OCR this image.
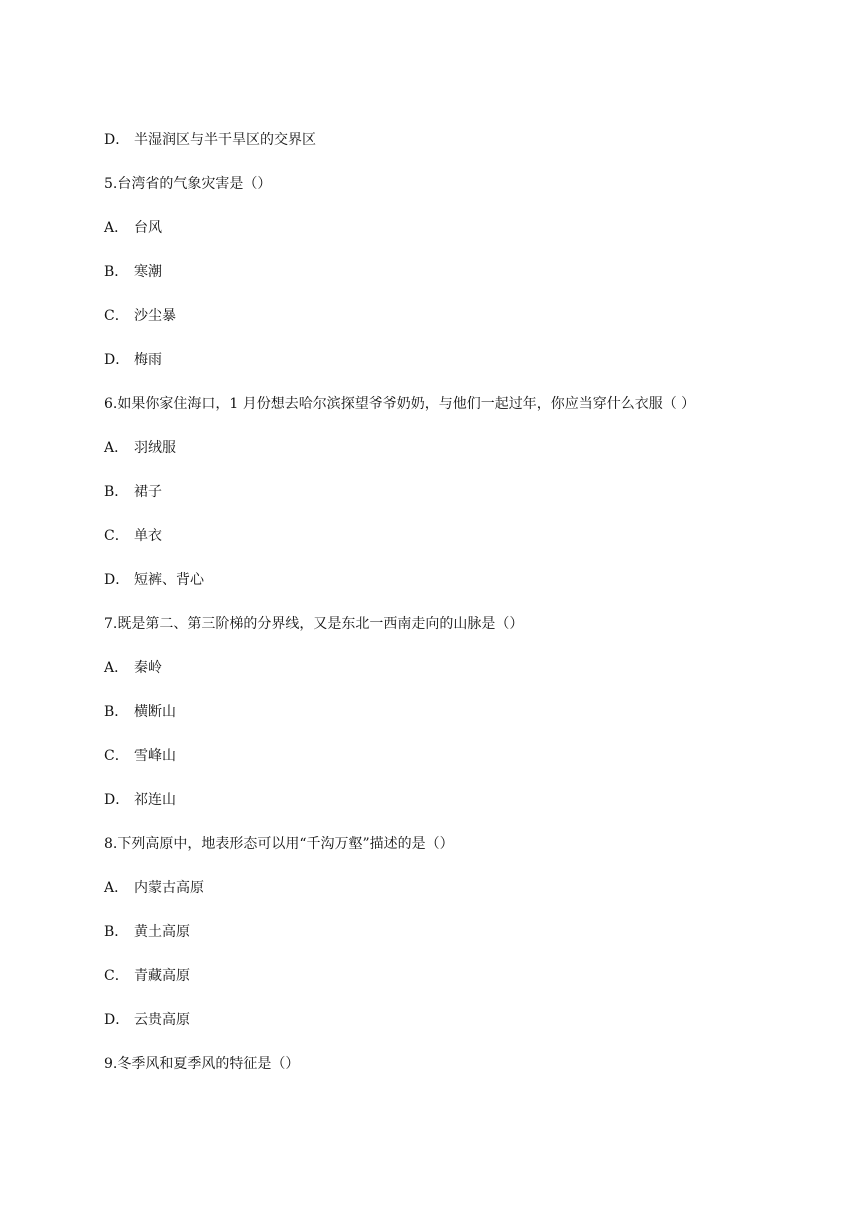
D． 半湿润区与半干旱区的交界区
5.台湾省的气象灾害是（）
A． 台风
B． 寒潮
C． 沙尘暴
D． 梅雨
6.如果你家住海口，1 月份想去哈尔滨探望爷爷奶奶，与他们一起过年，你应当穿什么衣服（ ）
A． 羽绒服
B． 裙子
C． 单衣
D． 短裤、背心
7.既是第二、第三阶梯的分界线，又是东北一西南走向的山脉是（）
A． 秦岭
B． 横断山
C． 雪峰山
D． 祁连山
8.下列高原中，地表形态可以用“千沟万壑”描述的是（）
A． 内蒙古高原
B． 黄土高原
C． 青藏高原
D． 云贵高原
9.冬季风和夏季风的特征是（）
